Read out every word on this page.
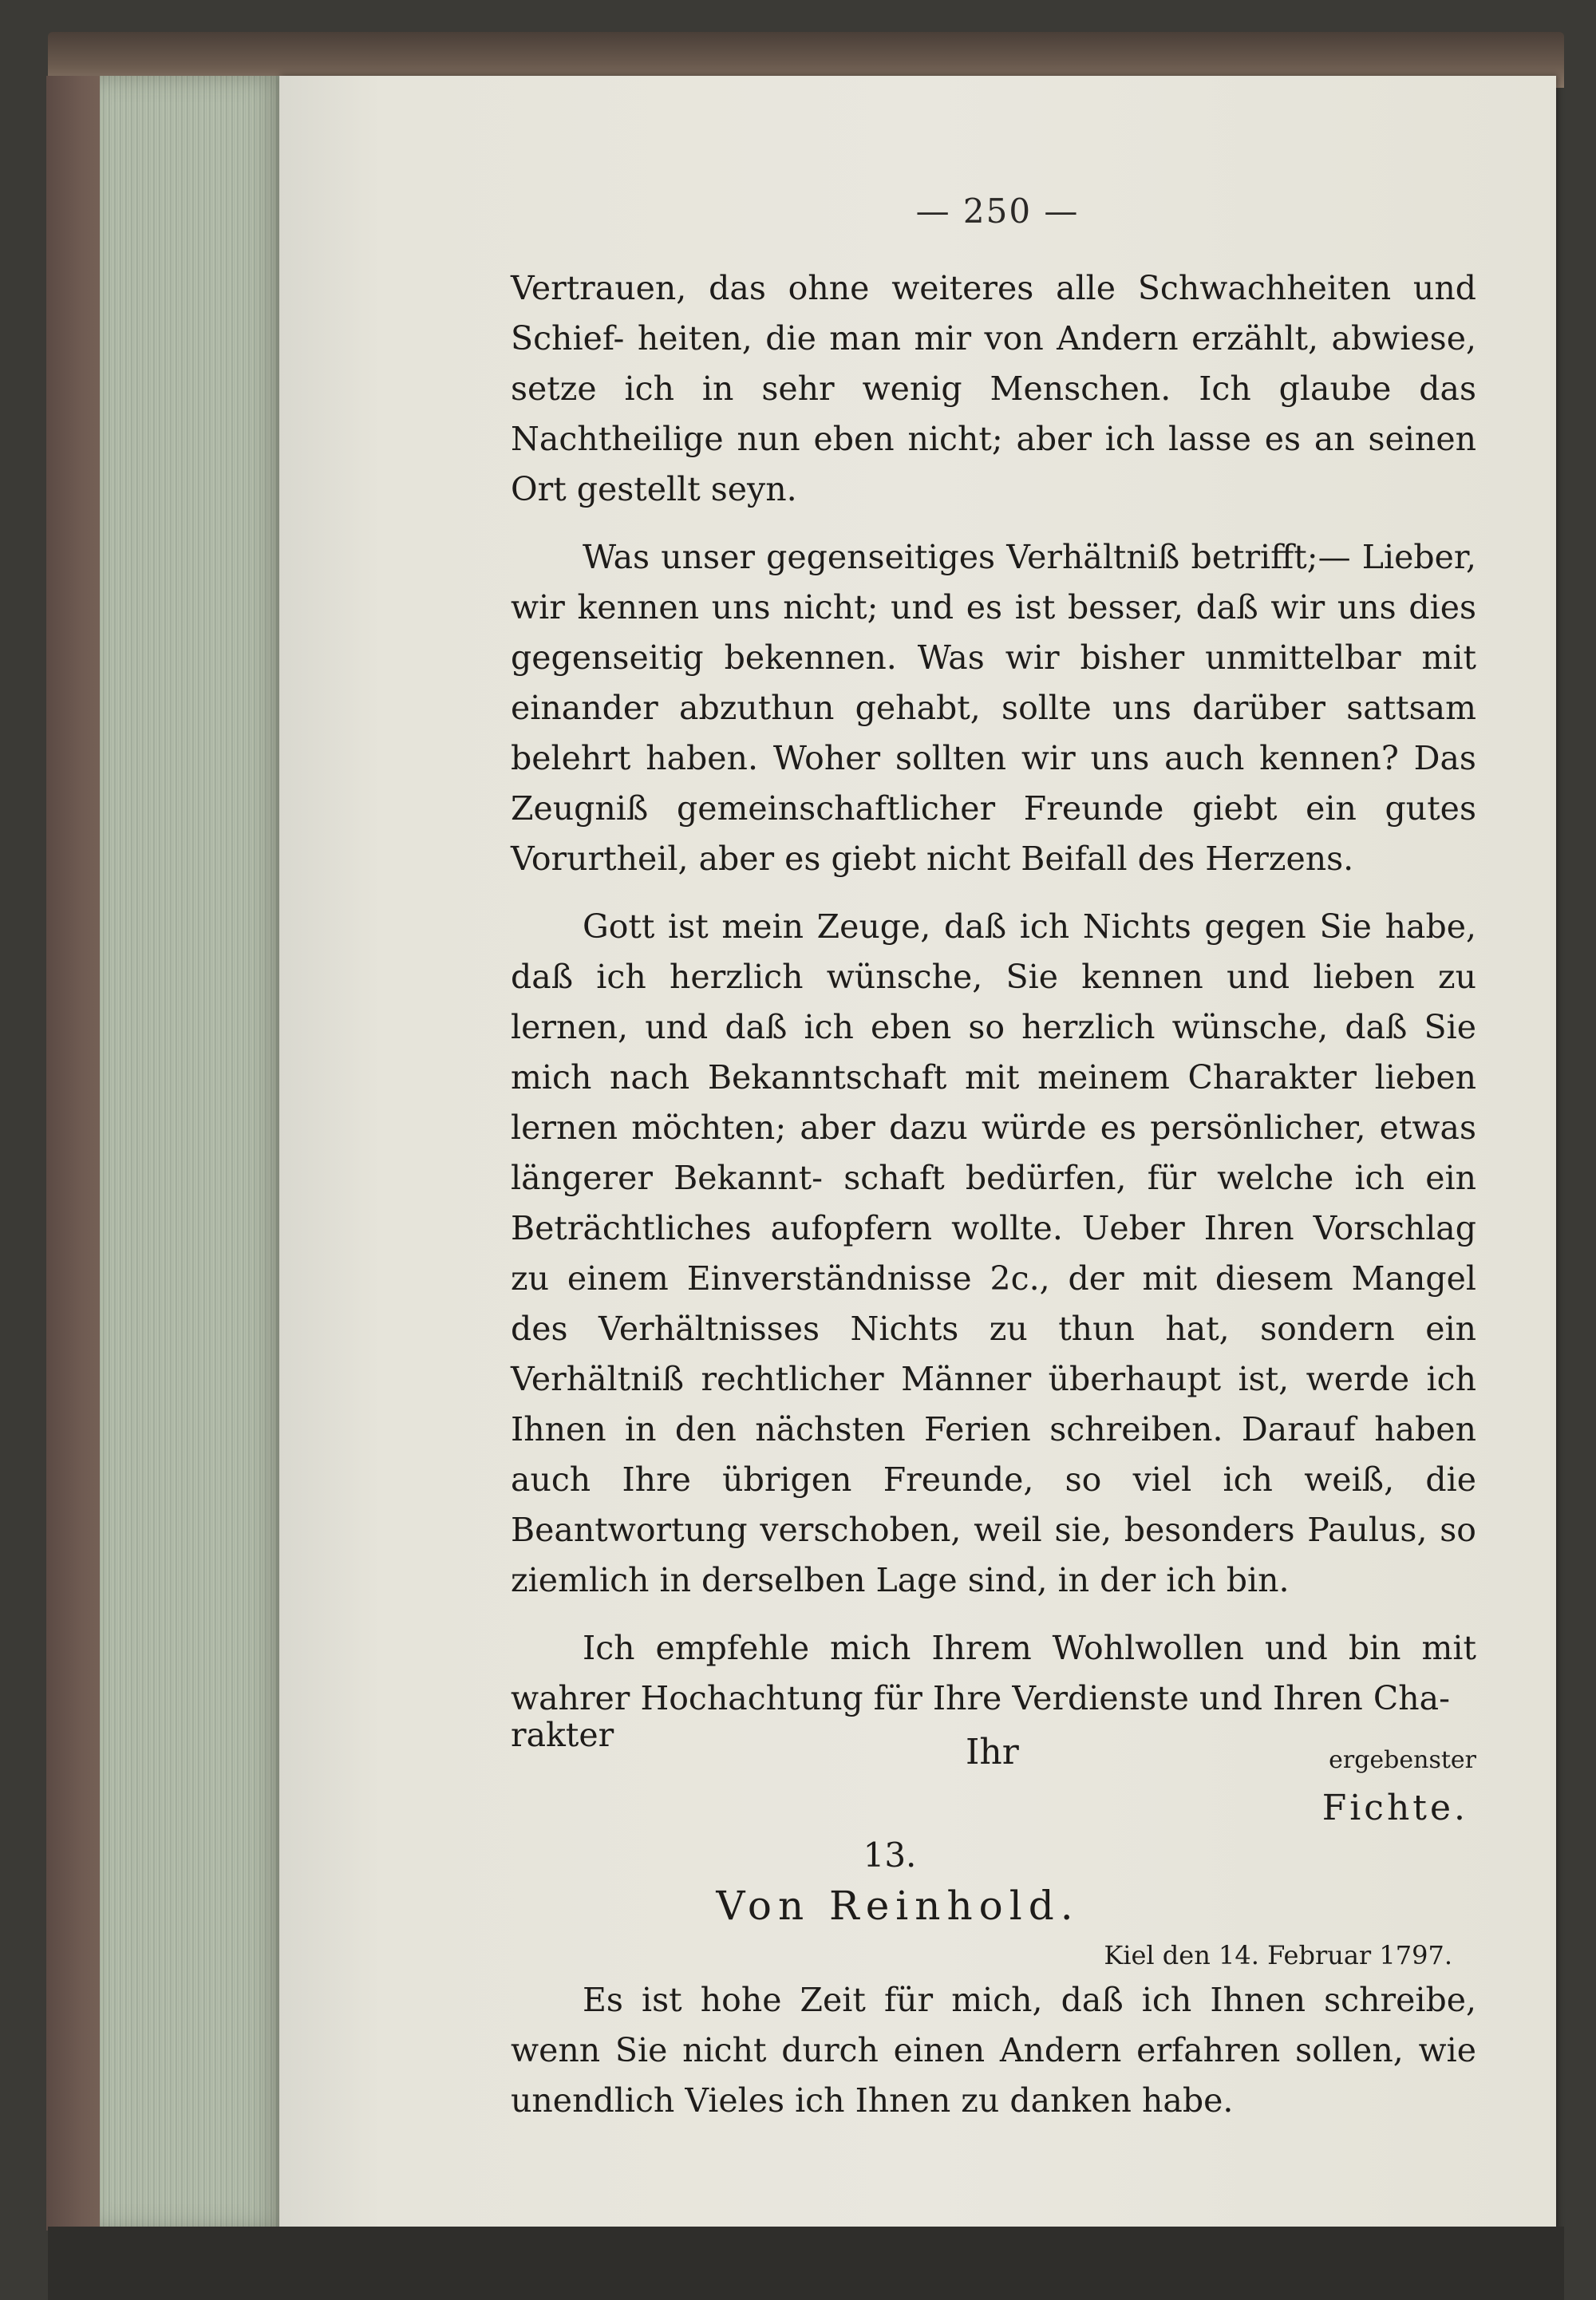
— 250 —

Vertrauen, das ohne weiteres alle Schwachheiten und Schief- heiten, die man mir von Andern erzählt, abwiese, setze ich in sehr wenig Menschen. Ich glaube das Nachtheilige nun eben nicht; aber ich lasse es an seinen Ort gestellt seyn.

Was unser gegenseitiges Verhältniß betrifft;— Lieber, wir kennen uns nicht; und es ist besser, daß wir uns dies gegenseitig bekennen. Was wir bisher unmittelbar mit einander abzuthun gehabt, sollte uns darüber sattsam belehrt haben. Woher sollten wir uns auch kennen? Das Zeugniß gemeinschaftlicher Freunde giebt ein gutes Vorurtheil, aber es giebt nicht Beifall des Herzens.

Gott ist mein Zeuge, daß ich Nichts gegen Sie habe, daß ich herzlich wünsche, Sie kennen und lieben zu lernen, und daß ich eben so herzlich wünsche, daß Sie mich nach Bekanntschaft mit meinem Charakter lieben lernen möchten; aber dazu würde es persönlicher, etwas längerer Bekannt- schaft bedürfen, für welche ich ein Beträchtliches aufopfern wollte. Ueber Ihren Vorschlag zu einem Einverständnisse 2c., der mit diesem Mangel des Verhältnisses Nichts zu thun hat, sondern ein Verhältniß rechtlicher Männer überhaupt ist, werde ich Ihnen in den nächsten Ferien schreiben. Darauf haben auch Ihre übrigen Freunde, so viel ich weiß, die Beantwortung verschoben, weil sie, besonders Paulus, so ziemlich in derselben Lage sind, in der ich bin.

Ich empfehle mich Ihrem Wohlwollen und bin mit wahrer Hochachtung für Ihre Verdienste und Ihren Cha-

rakter	Ihr	ergebenster
Fichte.
13.
Von Reinhold.
Kiel den 14. Februar 1797.

Es ist hohe Zeit für mich, daß ich Ihnen schreibe, wenn Sie nicht durch einen Andern erfahren sollen, wie unendlich Vieles ich Ihnen zu danken habe.
